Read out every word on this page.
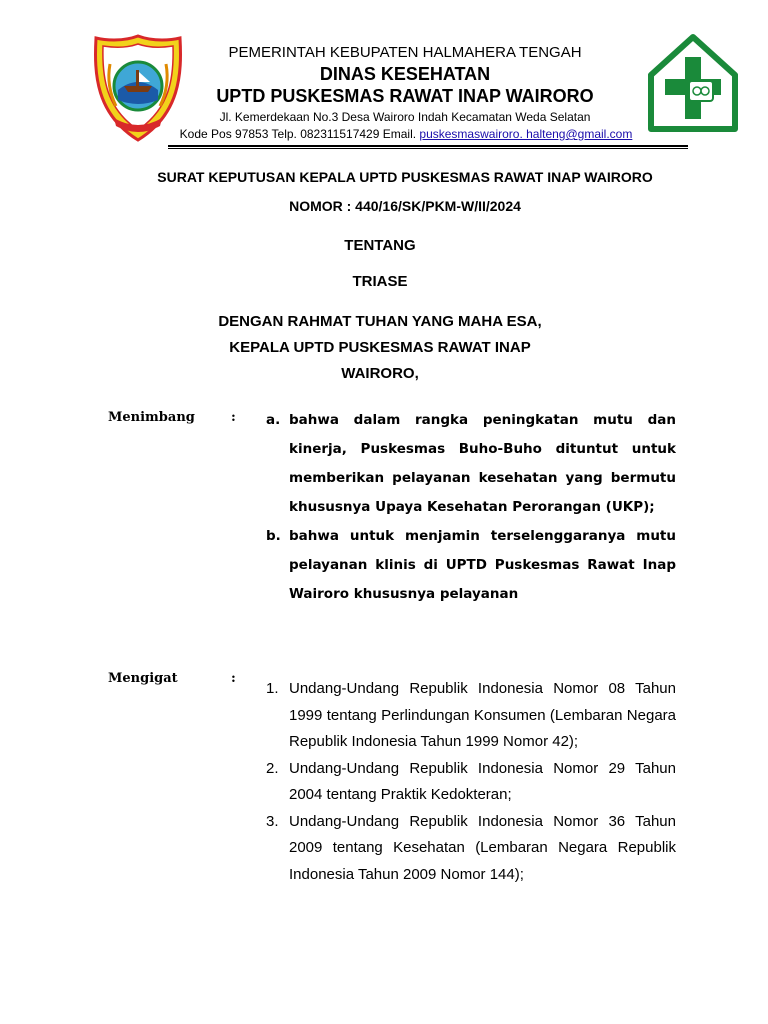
PEMERINTAH KEBUPATEN HALMAHERA TENGAH
DINAS KESEHATAN
UPTD PUSKESMAS RAWAT INAP WAIRORO
Jl. Kemerdekaan No.3 Desa Wairoro Indah Kecamatan Weda Selatan
Kode Pos 97853 Telp. 082311517429 Email. puskesmaswairoro. halteng@gmail.com
SURAT KEPUTUSAN KEPALA UPTD PUSKESMAS RAWAT INAP WAIRORO
NOMOR : 440/16/SK/PKM-W/II/2024
TENTANG
TRIASE
DENGAN RAHMAT TUHAN YANG MAHA ESA, KEPALA UPTD PUSKESMAS RAWAT INAP WAIRORO,
Menimbang	: a. bahwa dalam rangka peningkatan mutu dan kinerja, Puskesmas Buho-Buho dituntut untuk memberikan pelayanan kesehatan yang bermutu khususnya Upaya Kesehatan Perorangan (UKP);
b. bahwa untuk menjamin terselenggaranya mutu pelayanan klinis di UPTD Puskesmas Rawat Inap Wairoro khususnya pelayanan
Mengigat	:
1. Undang-Undang Republik Indonesia Nomor 08 Tahun 1999 tentang Perlindungan Konsumen (Lembaran Negara Republik Indonesia Tahun 1999 Nomor 42);
2. Undang-Undang Republik Indonesia Nomor 29 Tahun 2004 tentang Praktik Kedokteran;
3. Undang-Undang Republik Indonesia Nomor 36 Tahun 2009 tentang Kesehatan (Lembaran Negara Republik Indonesia Tahun 2009 Nomor 144);
